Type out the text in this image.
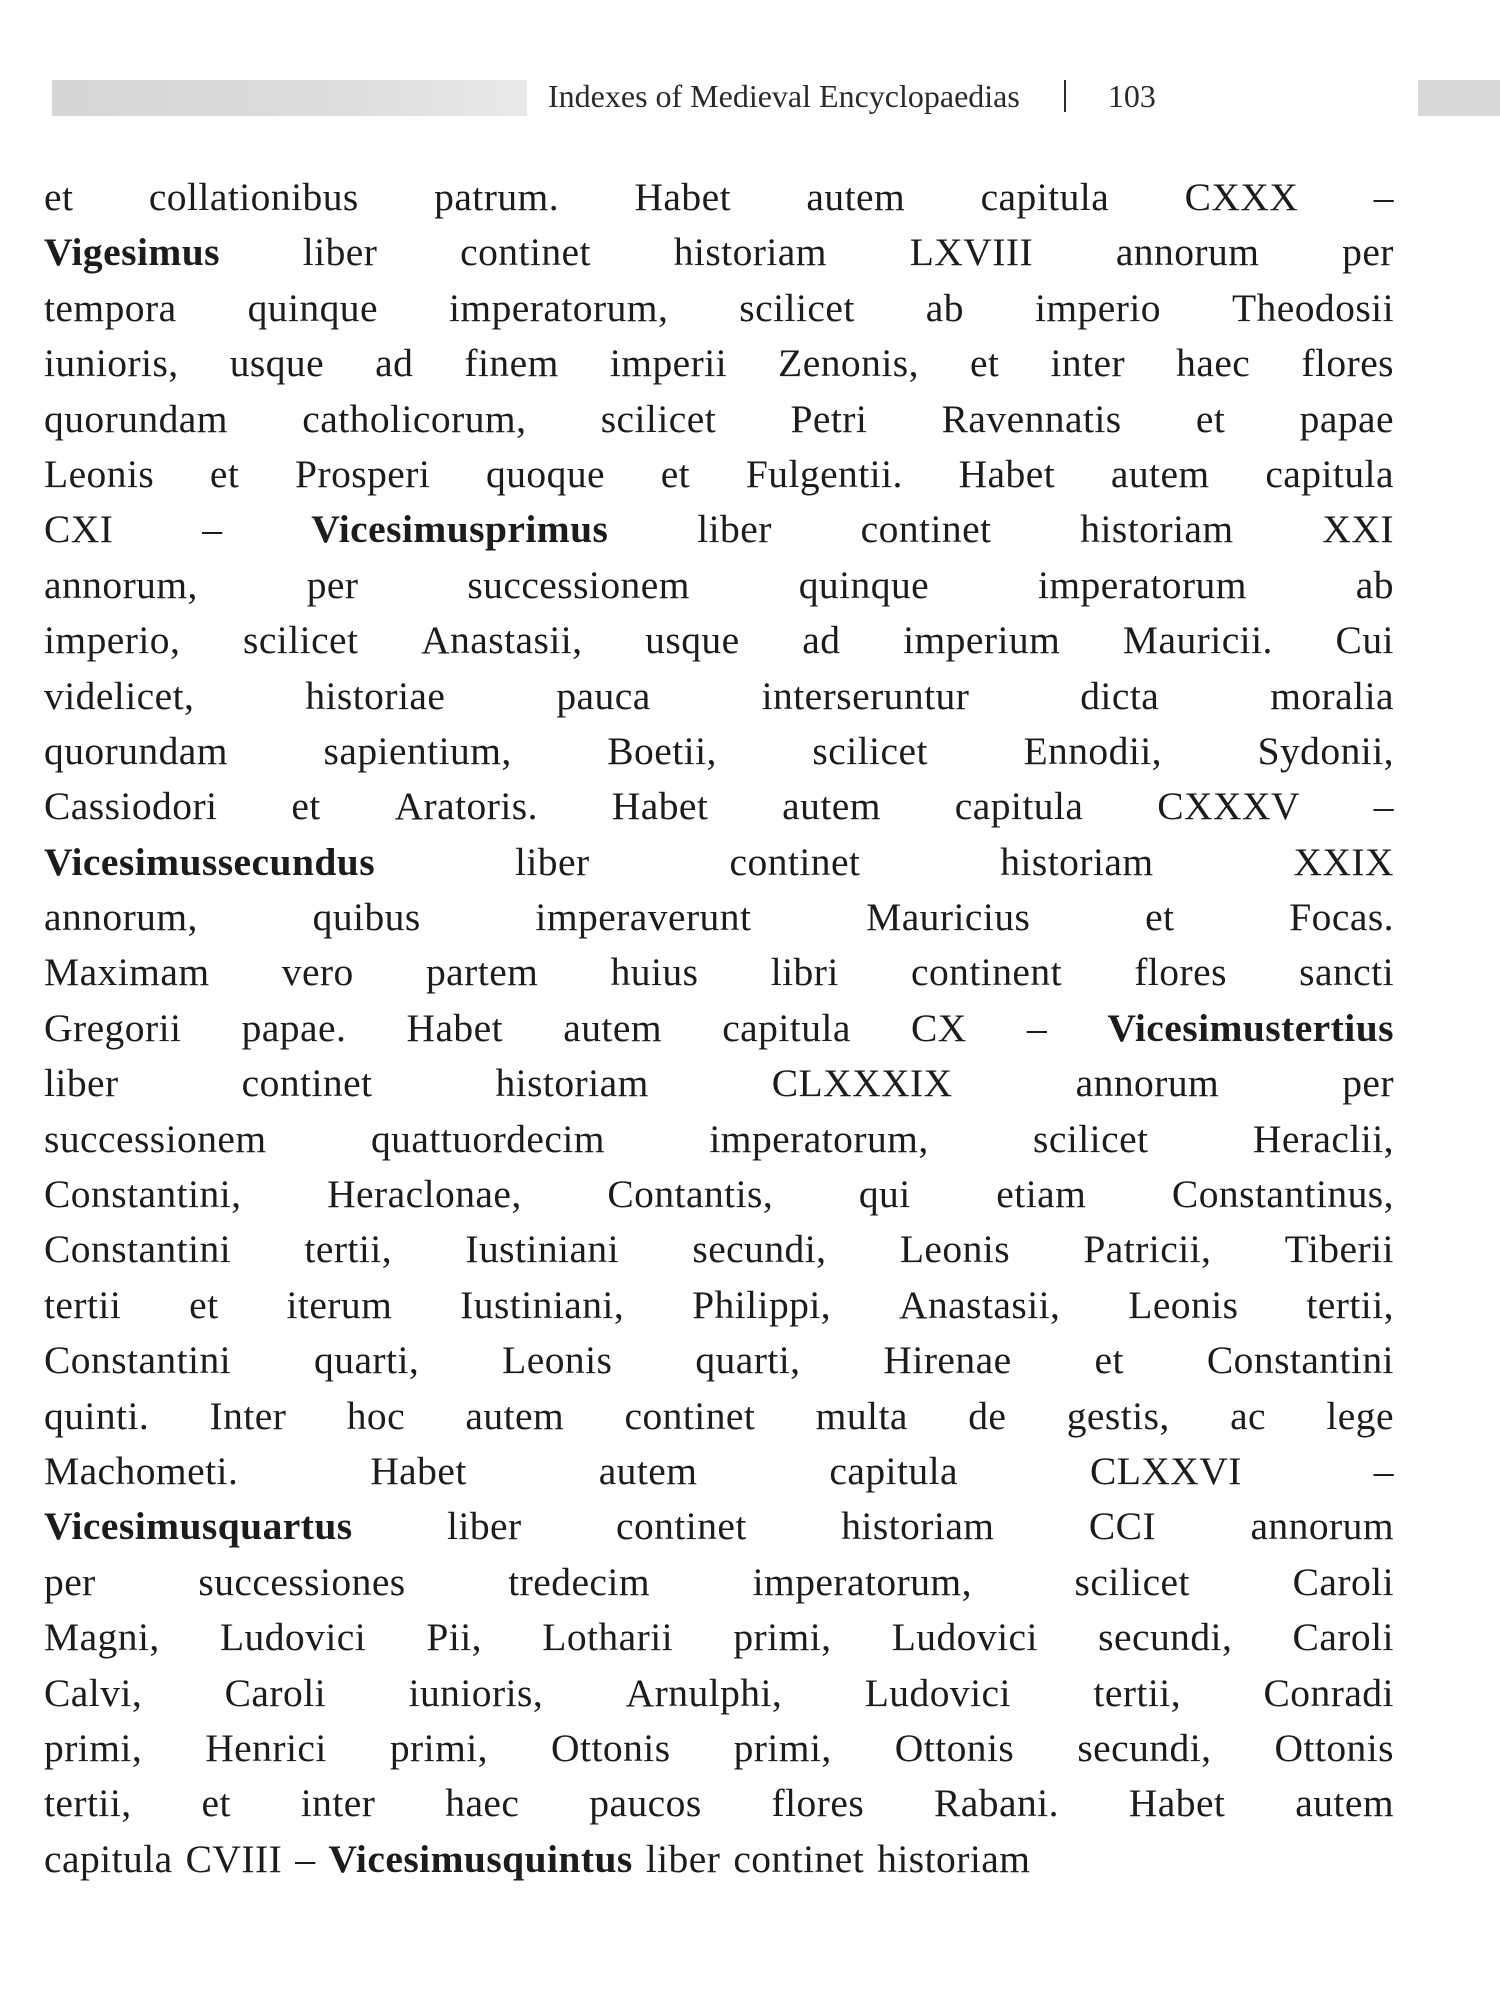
Indexes of Medieval Encyclopaedias	103
et collationibus patrum. Habet autem capitula CXXX –
Vigesimus liber continet historiam LXVIII annorum per
tempora quinque imperatorum, scilicet ab imperio Theodosii
iunioris, usque ad finem imperii Zenonis, et inter haec flores
quorundam catholicorum, scilicet Petri Ravennatis et papae
Leonis et Prosperi quoque et Fulgentii. Habet autem capitula
CXI – Vicesimusprimus liber continet historiam XXI
annorum,	per	successionem	quinque	imperatorum	ab
imperio, scilicet Anastasii, usque ad imperium Mauricii. Cui
videlicet,	historiae	pauca	interseruntur	dicta	moralia
quorundam sapientium, Boetii, scilicet Ennodii, Sydonii,
Cassiodori et Aratoris. Habet autem capitula CXXXV –
Vicesimussecundus	liber	continet	historiam	XXIX
annorum,	quibus	imperaverunt	Mauricius	et	Focas.
Maximam vero partem huius libri continent flores sancti
Gregorii papae. Habet autem capitula CX – Vicesimustertius
liber	continet	historiam	CLXXXIX	annorum	per
successionem	quattuordecim	imperatorum,	scilicet	Heraclii,
Constantini, Heraclonae, Contantis, qui etiam Constantinus,
Constantini tertii, Iustiniani secundi, Leonis Patricii, Tiberii
tertii et iterum Iustiniani, Philippi, Anastasii, Leonis tertii,
Constantini quarti, Leonis quarti, Hirenae et Constantini
quinti. Inter hoc autem continet multa de gestis, ac lege
Machometi.	Habet	autem	capitula	CLXXVI	–
Vicesimusquartus liber continet historiam CCI annorum
per	successiones	tredecim	imperatorum,	scilicet	Caroli
Magni, Ludovici Pii, Lotharii primi, Ludovici secundi, Caroli
Calvi, Caroli iunioris, Arnulphi, Ludovici tertii, Conradi
primi, Henrici primi, Ottonis primi, Ottonis secundi, Ottonis
tertii, et inter haec paucos flores Rabani. Habet autem
capitula CVIII – Vicesimusquintus liber continet historiam
